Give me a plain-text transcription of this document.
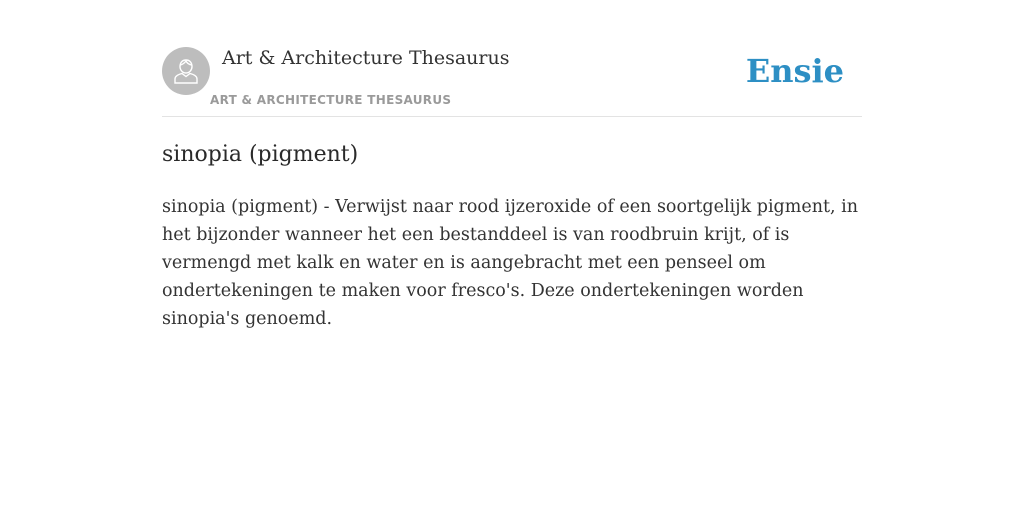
Art & Architecture Thesaurus
ART & ARCHITECTURE THESAURUS
Ensie
sinopia (pigment)

sinopia (pigment) - Verwijst naar rood ijzeroxide of een soortgelijk pigment, in het bijzonder wanneer het een bestanddeel is van roodbruin krijt, of is vermengd met kalk en water en is aangebracht met een penseel om ondertekeningen te maken voor fresco's. Deze ondertekeningen worden sinopia's genoemd.
